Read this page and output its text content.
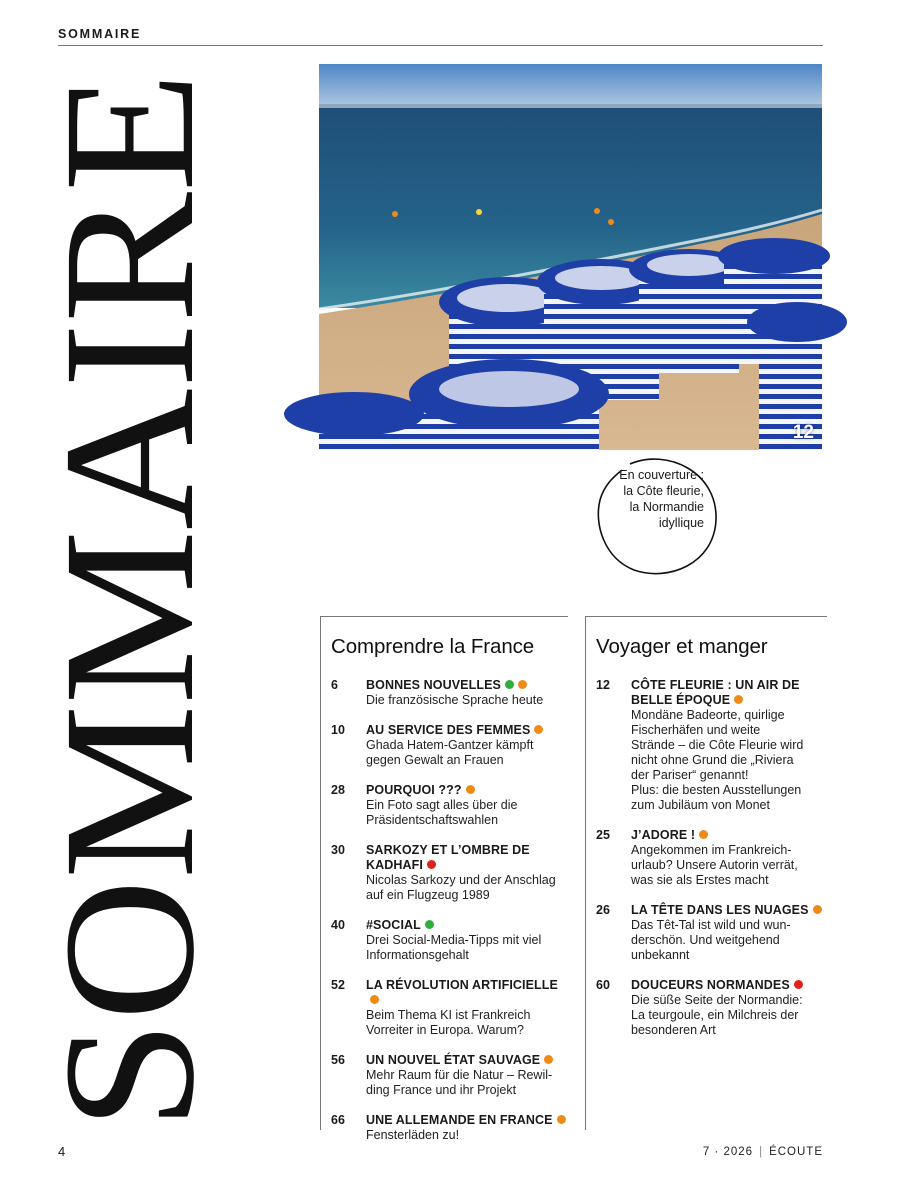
SOMMAIRE
SOMMAIRE	12
En couverture :
la Côte fleurie,
la Normandie
idyllique
Comprendre la France
6	BONNES NOUVELLES
Die französische Sprache heute
10	AU SERVICE DES FEMMES
Ghada Hatem-Gantzer kämpft
gegen Gewalt an Frauen
28	POURQUOI ???
Ein Foto sagt alles über die
Präsidentschaftswahlen
30	SARKOZY ET L’OMBRE DE KADHAFI
Nicolas Sarkozy und der Anschlag
auf ein Flugzeug 1989
40	#SOCIAL
Drei Social-Media-Tipps mit viel
Informationsgehalt
52	LA RÉVOLUTION ARTIFICIELLE
Beim Thema KI ist Frankreich
Vorreiter in Europa. Warum?
56	UN NOUVEL ÉTAT SAUVAGE
Mehr Raum für die Natur – Rewil-
ding France und ihr Projekt
66	UNE ALLEMANDE EN FRANCE
Fensterläden zu!
Voyager et manger
12	CÔTE FLEURIE : UN AIR DE BELLE ÉPOQUE
Mondäne Badeorte, quirlige
Fischerhäfen und weite
Strände – die Côte Fleurie wird
nicht ohne Grund die „Riviera
der Pariser“ genannt!
Plus: die besten Ausstellungen
zum Jubiläum von Monet
25	J’ADORE !
Angekommen im Frankreich-
urlaub? Unsere Autorin verrät,
was sie als Erstes macht
26	LA TÊTE DANS LES NUAGES
Das Têt-Tal ist wild und wun-
derschön. Und weitgehend
unbekannt
60	DOUCEURS NORMANDES
Die süße Seite der Normandie:
La teurgoule, ein Milchreis der
besonderen Art
4	7 · 2026 | ÉCOUTE
